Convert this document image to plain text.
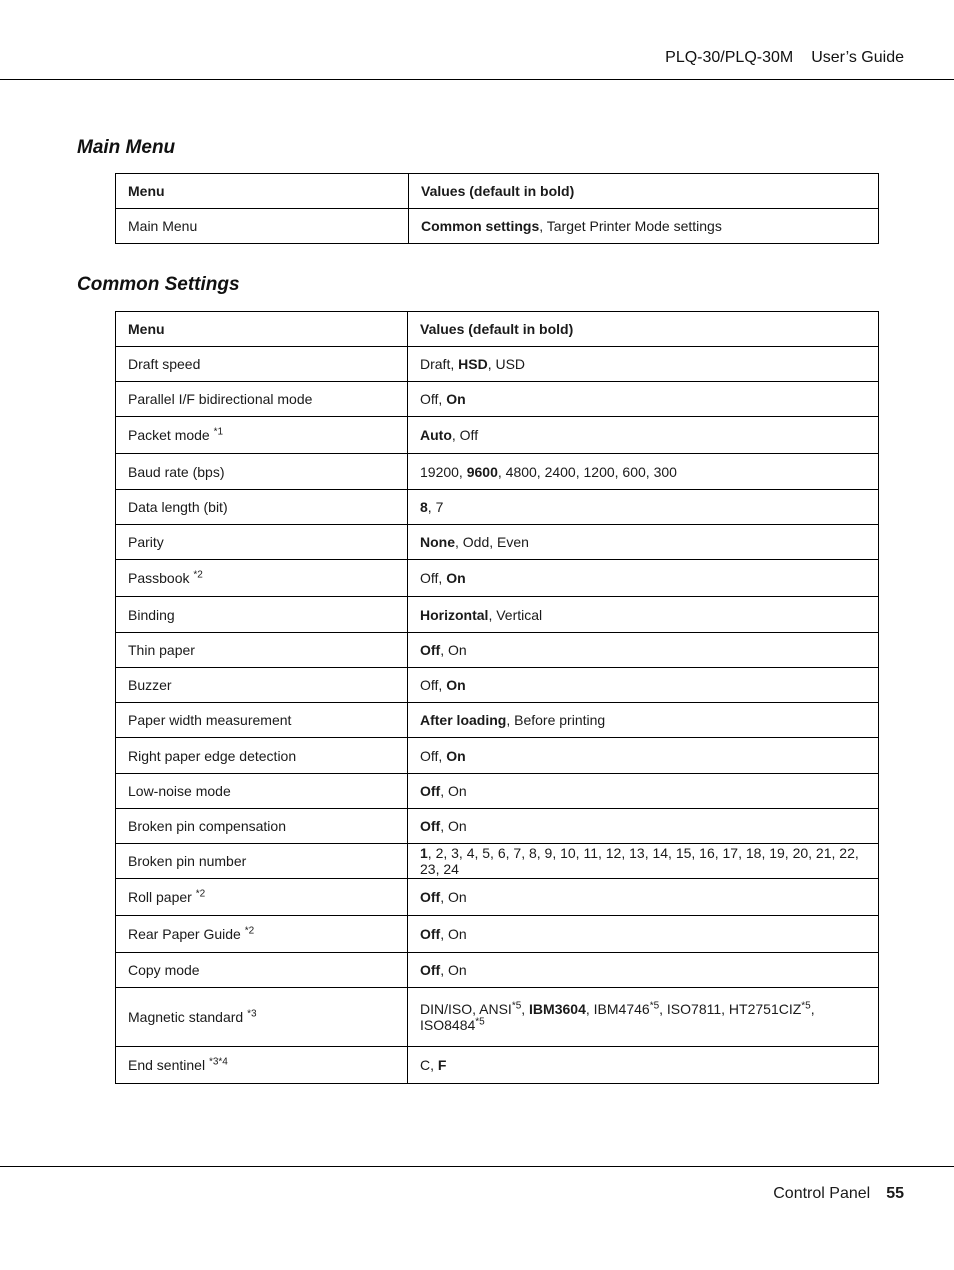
PLQ-30/PLQ-30M User’s Guide
Main Menu
Menu	Values (default in bold)
Main Menu	Common settings, Target Printer Mode settings
Common Settings
Menu	Values (default in bold)
Draft speed	Draft, HSD, USD
Parallel I/F bidirectional mode	Off, On
Packet mode $^{*1}$	Auto, Off
Baud rate (bps)	19200, 9600, 4800, 2400, 1200, 600, 300
Data length (bit)	8, 7
Parity	None, Odd, Even
Passbook $^{*2}$	Off, On
Binding	Horizontal, Vertical
Thin paper	Off, On
Buzzer	Off, On
Paper width measurement	After loading, Before printing
Right paper edge detection	Off, On
Low-noise mode	Off, On
Broken pin compensation	Off, On
Broken pin number	1, 2, 3, 4, 5, 6, 7, 8, 9, 10, 11, 12, 13, 14, 15, 16, 17, 18, 19, 20, 21, 22, 23, 24
Roll paper $^{*2}$	Off, On
Rear Paper Guide $^{*2}$	Off, On
Copy mode	Off, On
Magnetic standard $^{*3}$	DIN/ISO, ANSI$^{*5}$, IBM3604, IBM4746$^{*5}$, ISO7811, HT2751CIZ$^{*5}$, ISO8484$^{*5}$
End sentinel $^{*3*4}$	C, F
Control Panel 55
